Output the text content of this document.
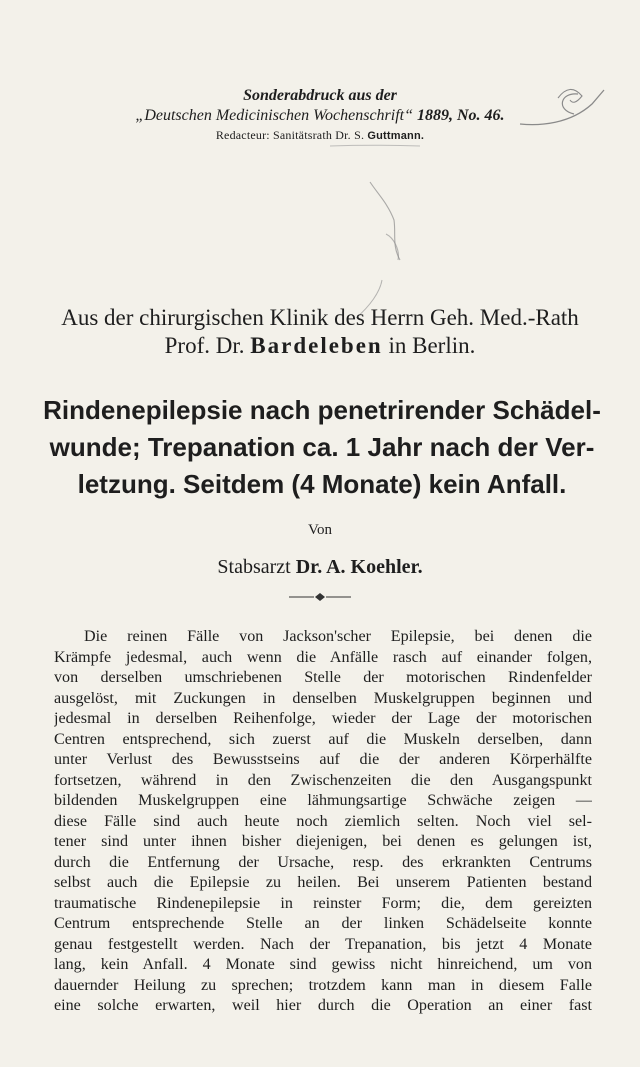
Sonderabdruck aus der
„Deutschen Medicinischen Wochenschrift“ 1889, No. 46.
Redacteur: Sanitätsrath Dr. S. Guttmann.
Aus der chirurgischen Klinik des Herrn Geh. Med.-Rath
Prof. Dr. Bardeleben in Berlin.
Rindenepilepsie nach penetrirender Schädel-
wunde; Trepanation ca. 1 Jahr nach der Ver-
letzung. Seitdem (4 Monate) kein Anfall.
Von
Stabsarzt Dr. A. Koehler.
Die reinen Fälle von Jackson'scher Epilepsie, bei denen die
Krämpfe jedesmal, auch wenn die Anfälle rasch auf einander folgen,
von derselben umschriebenen Stelle der motorischen Rindenfelder
ausgelöst, mit Zuckungen in denselben Muskelgruppen beginnen und
jedesmal in derselben Reihenfolge, wieder der Lage der motorischen
Centren entsprechend, sich zuerst auf die Muskeln derselben, dann
unter Verlust des Bewusstseins auf die der anderen Körperhälfte
fortsetzen, während in den Zwischenzeiten die den Ausgangspunkt
bildenden Muskelgruppen eine lähmungsartige Schwäche zeigen —
diese Fälle sind auch heute noch ziemlich selten. Noch viel sel-
tener sind unter ihnen bisher diejenigen, bei denen es gelungen ist,
durch die Entfernung der Ursache, resp. des erkrankten Centrums
selbst auch die Epilepsie zu heilen. Bei unserem Patienten bestand
traumatische Rindenepilepsie in reinster Form; die, dem gereizten
Centrum entsprechende Stelle an der linken Schädelseite konnte
genau festgestellt werden. Nach der Trepanation, bis jetzt 4 Monate
lang, kein Anfall. 4 Monate sind gewiss nicht hinreichend, um von
dauernder Heilung zu sprechen; trotzdem kann man in diesem Falle
eine solche erwarten, weil hier durch die Operation an einer fast
